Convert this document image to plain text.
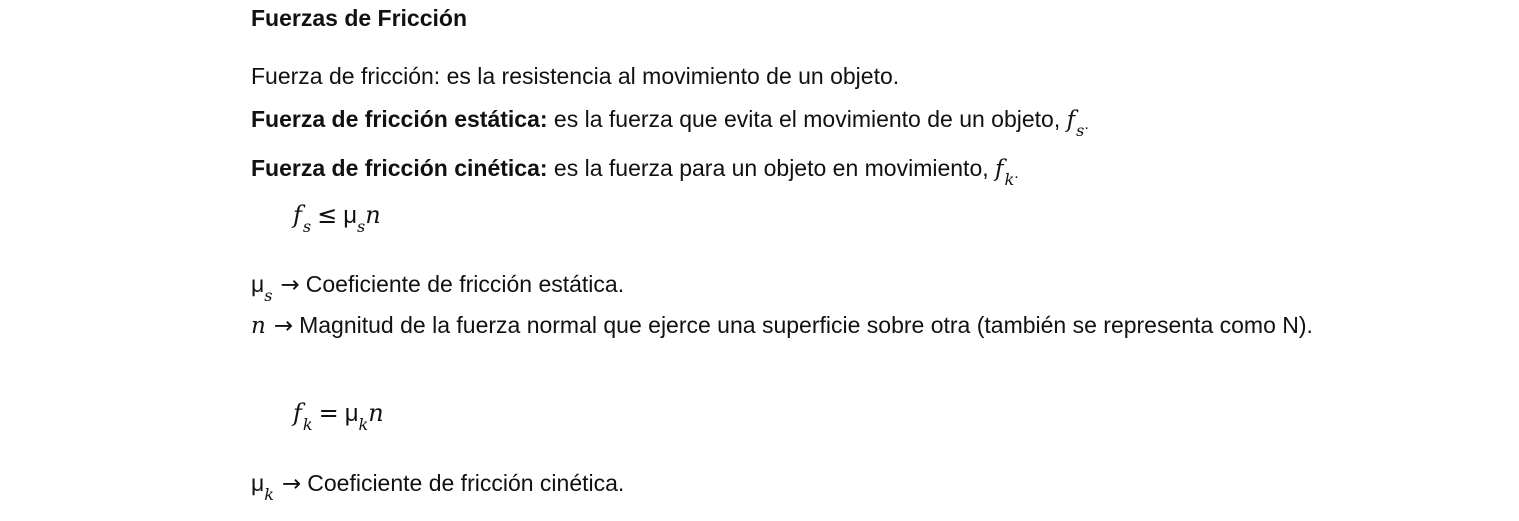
Fuerzas de Fricción
Fuerza de fricción: es la resistencia al movimiento de un objeto.
Fuerza de fricción estática: es la fuerza que evita el movimiento de un objeto, $f_s$.
Fuerza de fricción cinética: es la fuerza para un objeto en movimiento, $f_k$.
$f_s \le \mu_sn$
$\mu_s$ → Coeficiente de fricción estática.
n → Magnitud de la fuerza normal que ejerce una superficie sobre otra (también se representa como N).
$f_k = \mu_kn$
$\mu_k$ → Coeficiente de fricción cinética.
